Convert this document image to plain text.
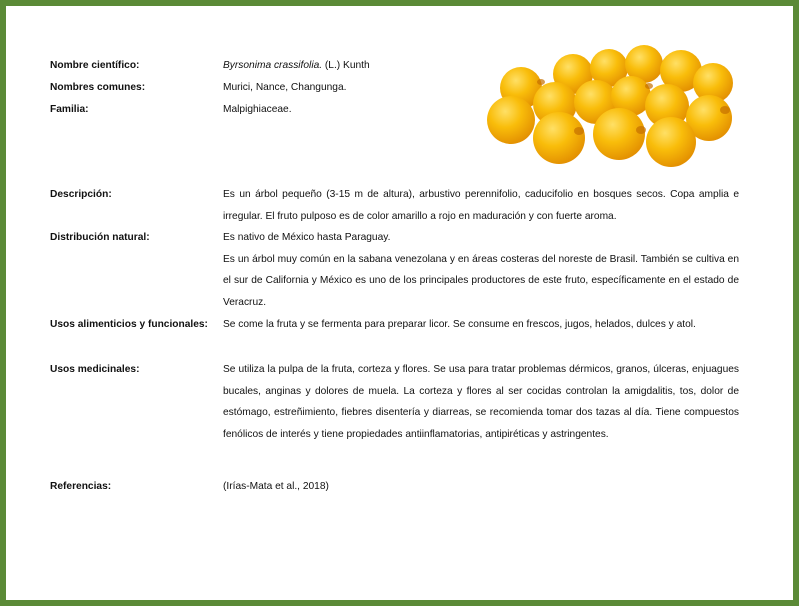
Nombre científico:	Byrsonima crassifolia. (L.) Kunth
Nombres comunes:	Murici, Nance, Changunga.
Familia:	Malpighiaceae.
Descripción:	Es un árbol pequeño (3-15 m de altura), arbustivo perennifolio, caducifolio en bosques secos. Copa amplia e irregular. El fruto pulposo es de color amarillo a rojo en maduración y con fuerte aroma.
Distribución natural:	Es nativo de México hasta Paraguay.
Es un árbol muy común en la sabana venezolana y en áreas costeras del noreste de Brasil. También se cultiva en el sur de California y México es uno de los principales productores de este fruto, específicamente en el estado de Veracruz.
Usos alimenticios y funcionales: Se come la fruta y se fermenta para preparar licor. Se consume en frescos, jugos, helados, dulces y atol.
Usos medicinales:	Se utiliza la pulpa de la fruta, corteza y flores. Se usa para tratar problemas dérmicos, granos, úlceras, enjuagues bucales, anginas y dolores de muela. La corteza y flores al ser cocidas controlan la amigdalitis, tos, dolor de estómago, estreñimiento, fiebres disentería y diarreas, se recomienda tomar dos tazas al día. Tiene compuestos fenólicos de interés y tiene propiedades antiinflamatorias, antipiréticas y astringentes.
Referencias:	(Irías-Mata et al., 2018)
